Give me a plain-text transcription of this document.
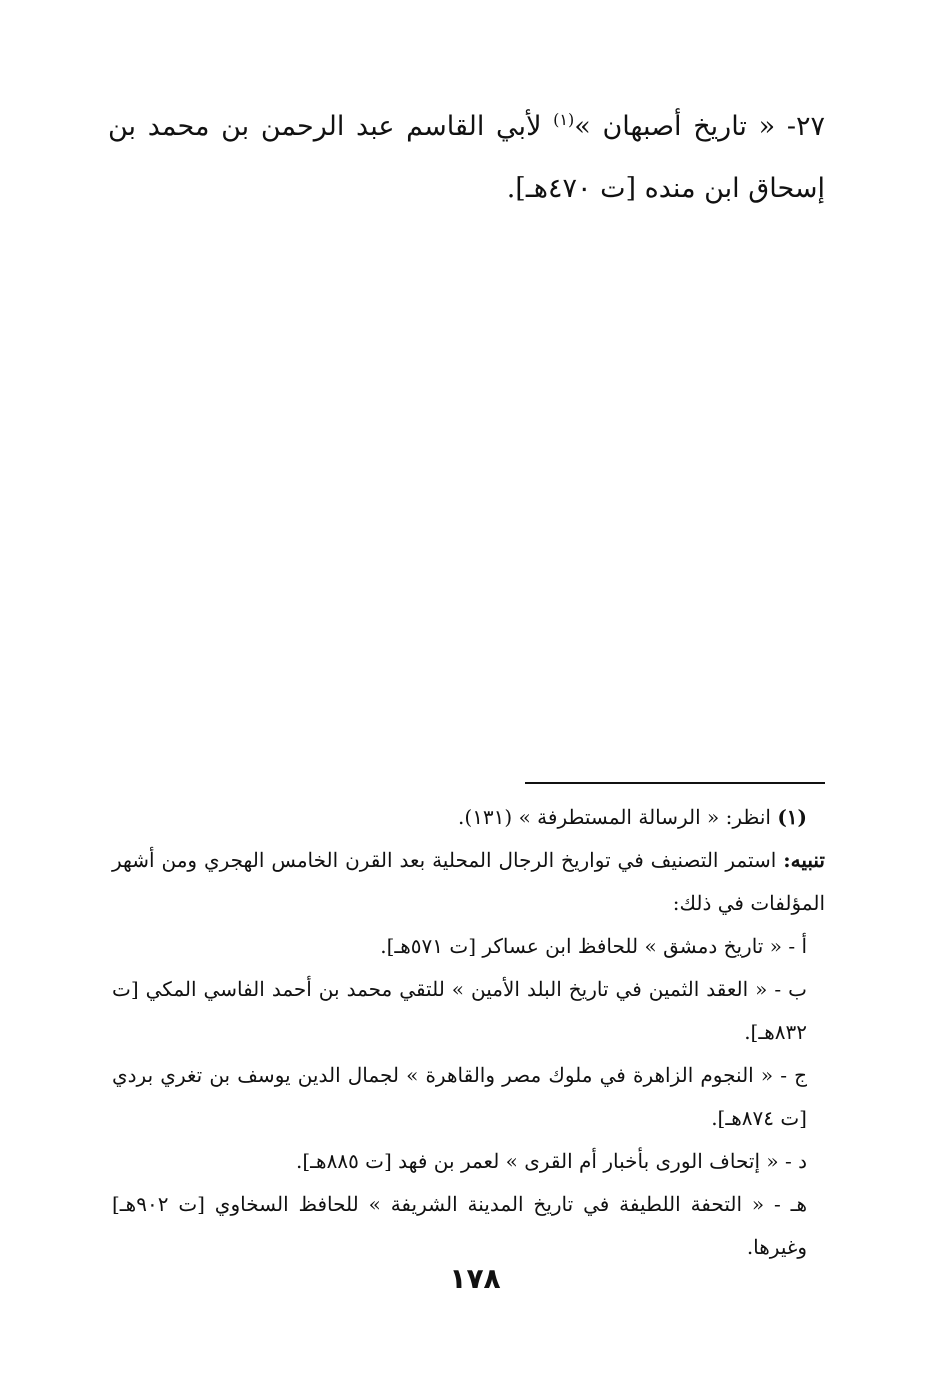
٢٧- « تاريخ أصبهان »$^{(١)}$ لأبي القاسم عبد الرحمن بن محمد بن إسحاق ابن منده [ت ٤٧٠هـ].

(١) انظر: « الرسالة المستطرفة » (١٣١).

تنبيه: استمر التصنيف في تواريخ الرجال المحلية بعد القرن الخامس الهجري ومن أشهر المؤلفات في ذلك:

أ - « تاريخ دمشق » للحافظ ابن عساكر [ت ٥٧١هـ].

ب - « العقد الثمين في تاريخ البلد الأمين » للتقي محمد بن أحمد الفاسي المكي [ت ٨٣٢هـ].

ج - « النجوم الزاهرة في ملوك مصر والقاهرة » لجمال الدين يوسف بن تغري بردي [ت ٨٧٤هـ].

د - « إتحاف الورى بأخبار أم القرى » لعمر بن فهد [ت ٨٨٥هـ].

هـ - « التحفة اللطيفة في تاريخ المدينة الشريفة » للحافظ السخاوي [ت ٩٠٢هـ] وغيرها.

١٧٨
